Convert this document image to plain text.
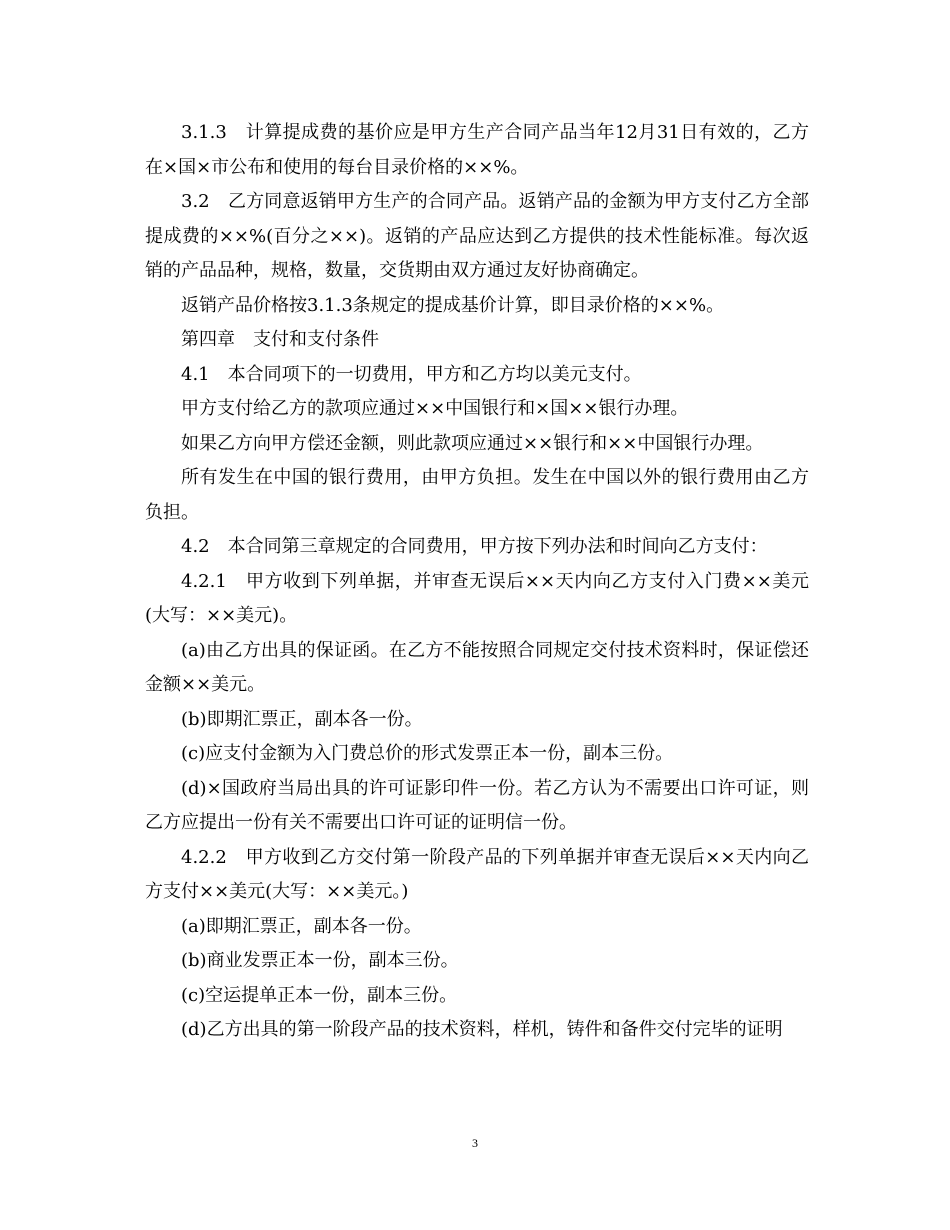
3.1.3　计算提成费的基价应是甲方生产合同产品当年12月31日有效的，乙方在×国×市公布和使用的每台目录价格的××%。

3.2　乙方同意返销甲方生产的合同产品。返销产品的金额为甲方支付乙方全部提成费的××%(百分之××)。返销的产品应达到乙方提供的技术性能标准。每次返销的产品品种，规格，数量，交货期由双方通过友好协商确定。

返销产品价格按3.1.3条规定的提成基价计算，即目录价格的××%。

第四章　支付和支付条件

4.1　本合同项下的一切费用，甲方和乙方均以美元支付。

甲方支付给乙方的款项应通过××中国银行和×国××银行办理。

如果乙方向甲方偿还金额，则此款项应通过××银行和××中国银行办理。

所有发生在中国的银行费用，由甲方负担。发生在中国以外的银行费用由乙方负担。

4.2　本合同第三章规定的合同费用，甲方按下列办法和时间向乙方支付：

4.2.1　甲方收到下列单据，并审查无误后××天内向乙方支付入门费××美元(大写：××美元)。

(a)由乙方出具的保证函。在乙方不能按照合同规定交付技术资料时，保证偿还金额××美元。

(b)即期汇票正，副本各一份。

(c)应支付金额为入门费总价的形式发票正本一份，副本三份。

(d)×国政府当局出具的许可证影印件一份。若乙方认为不需要出口许可证，则乙方应提出一份有关不需要出口许可证的证明信一份。

4.2.2　甲方收到乙方交付第一阶段产品的下列单据并审查无误后××天内向乙方支付××美元(大写：××美元。)

(a)即期汇票正，副本各一份。

(b)商业发票正本一份，副本三份。

(c)空运提单正本一份，副本三份。

(d)乙方出具的第一阶段产品的技术资料，样机，铸件和备件交付完毕的证明

3
